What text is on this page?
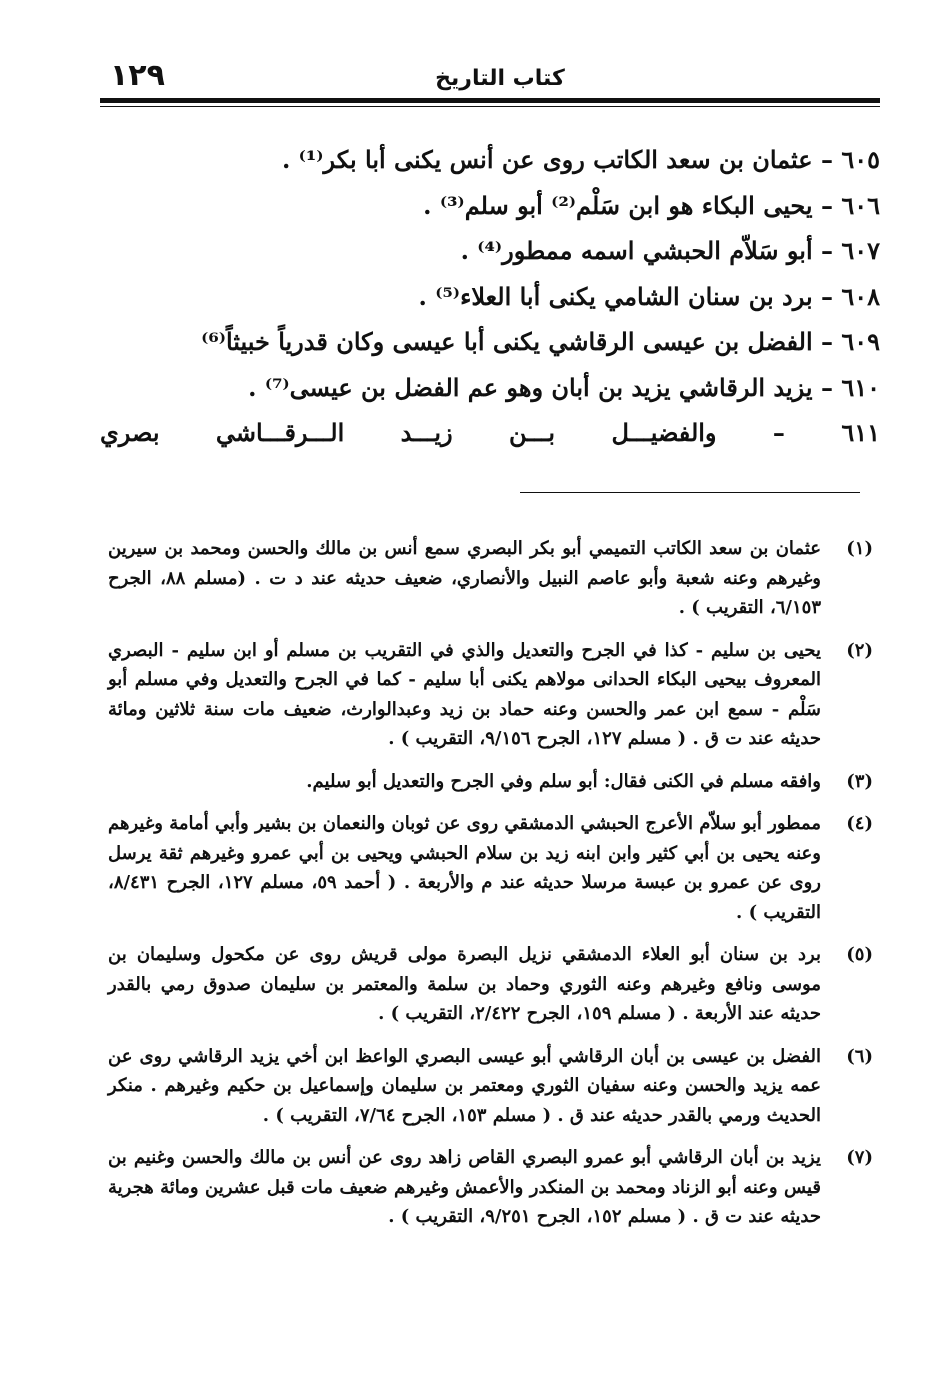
١٢٩	كتاب التاريخ
٦٠٥ – عثمان بن سعد الكاتب روى عن أنس يكنى أبا بكر⁽¹⁾ .
٦٠٦ – يحيى البكاء هو ابن سَلْم⁽²⁾ أبو سلم⁽³⁾ .
٦٠٧ – أبو سَلاّم الحبشي اسمه ممطور⁽⁴⁾ .
٦٠٨ – برد بن سنان الشامي يكنى أبا العلاء⁽⁵⁾ .
٦٠٩ – الفضل بن عيسى الرقاشي يكنى أبا عيسى وكان قدرياً خبيثاً⁽⁶⁾
٦١٠ – يزيد الرقاشي يزيد بن أبان وهو عم الفضل بن عيسى⁽⁷⁾ .
٦١١ – والفضيـــل بـــن زيـــد الـــرقـــاشي بصري
(١)
عثمان بن سعد الكاتب التميمي أبو بكر البصري سمع أنس بن مالك والحسن ومحمد بن سيرين وغيرهم وعنه شعبة وأبو عاصم النبيل والأنصاري، ضعيف حديثه عند د ت . (مسلم ٨٨، الجرح ٦/١٥٣، التقريب ) .
(٢)
يحيى بن سليم - كذا في الجرح والتعديل والذي في التقريب بن مسلم أو ابن سليم - البصري المعروف بيحيى البكاء الحدانى مولاهم يكنى أبا سليم - كما في الجرح والتعديل وفي مسلم أبو سَلْم - سمع ابن عمر والحسن وعنه حماد بن زيد وعبدالوارث، ضعيف مات سنة ثلاثين ومائة حديثه عند ت ق . ( مسلم ١٢٧، الجرح ٩/١٥٦، التقريب ) .
(٣)
وافقه مسلم في الكنى فقال: أبو سلم وفي الجرح والتعديل أبو سليم.
(٤)
ممطور أبو سلاّم الأعرج الحبشي الدمشقي روى عن ثوبان والنعمان بن بشير وأبي أمامة وغيرهم وعنه يحيى بن أبي كثير وابن ابنه زيد بن سلام الحبشي ويحيى بن أبي عمرو وغيرهم ثقة يرسل روى عن عمرو بن عبسة مرسلا حديثه عند م والأربعة . ( أحمد ٥٩، مسلم ١٢٧، الجرح ٨/٤٣١، التقريب ) .
(٥)
برد بن سنان أبو العلاء الدمشقي نزيل البصرة مولى قريش روى عن مكحول وسليمان بن موسى ونافع وغيرهم وعنه الثوري وحماد بن سلمة والمعتمر بن سليمان صدوق رمي بالقدر حديثه عند الأربعة . ( مسلم ١٥٩، الجرح ٢/٤٢٢، التقريب ) .
(٦)
الفضل بن عيسى بن أبان الرقاشي أبو عيسى البصري الواعظ ابن أخي يزيد الرقاشي روى عن عمه يزيد والحسن وعنه سفيان الثوري ومعتمر بن سليمان وإسماعيل بن حكيم وغيرهم . منكر الحديث ورمي بالقدر حديثه عند ق . ( مسلم ١٥٣، الجرح ٧/٦٤، التقريب ) .
(٧)
يزيد بن أبان الرقاشي أبو عمرو البصري القاص زاهد روى عن أنس بن مالك والحسن وغنيم بن قيس وعنه أبو الزناد ومحمد بن المنكدر والأعمش وغيرهم ضعيف مات قبل عشرين ومائة هجرية حديثه عند ت ق . ( مسلم ١٥٢، الجرح ٩/٢٥١، التقريب ) .
